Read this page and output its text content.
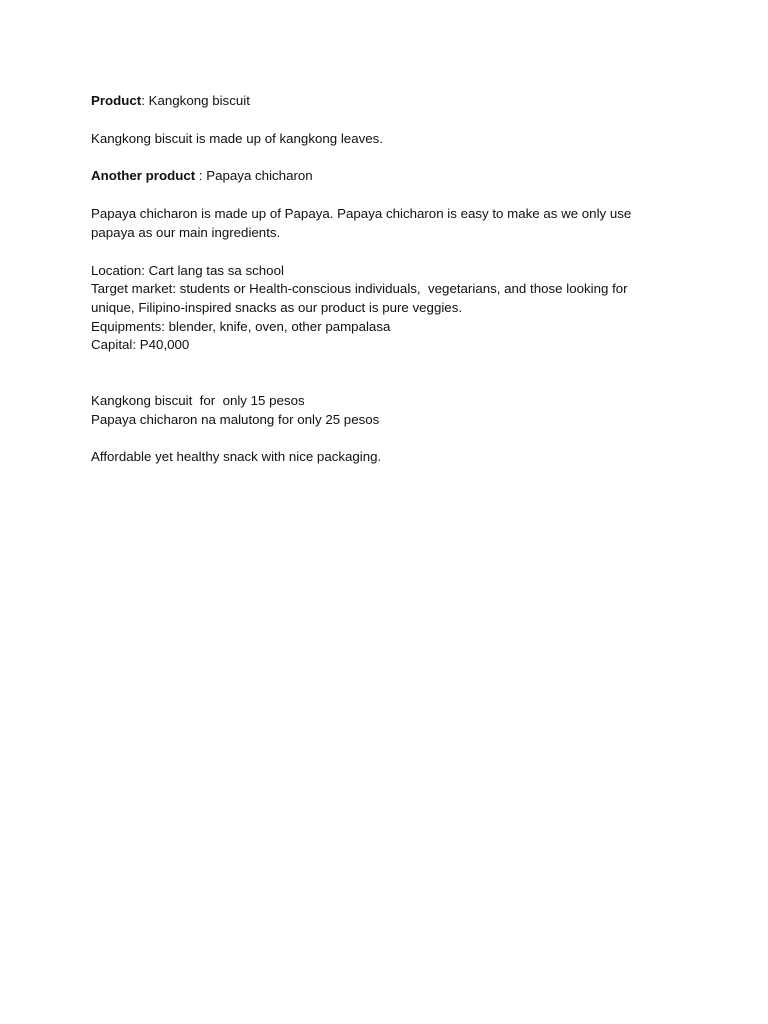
Product: Kangkong biscuit

Kangkong biscuit is made up of kangkong leaves.

Another product : Papaya chicharon

Papaya chicharon is made up of Papaya. Papaya chicharon is easy to make as we only use
papaya as our main ingredients.

Location: Cart lang tas sa school
Target market: students or Health-conscious individuals,  vegetarians, and those looking for
unique, Filipino-inspired snacks as our product is pure veggies.
Equipments: blender, knife, oven, other pampalasa
Capital: P40,000

Kangkong biscuit  for  only 15 pesos
Papaya chicharon na malutong for only 25 pesos

Affordable yet healthy snack with nice packaging.
